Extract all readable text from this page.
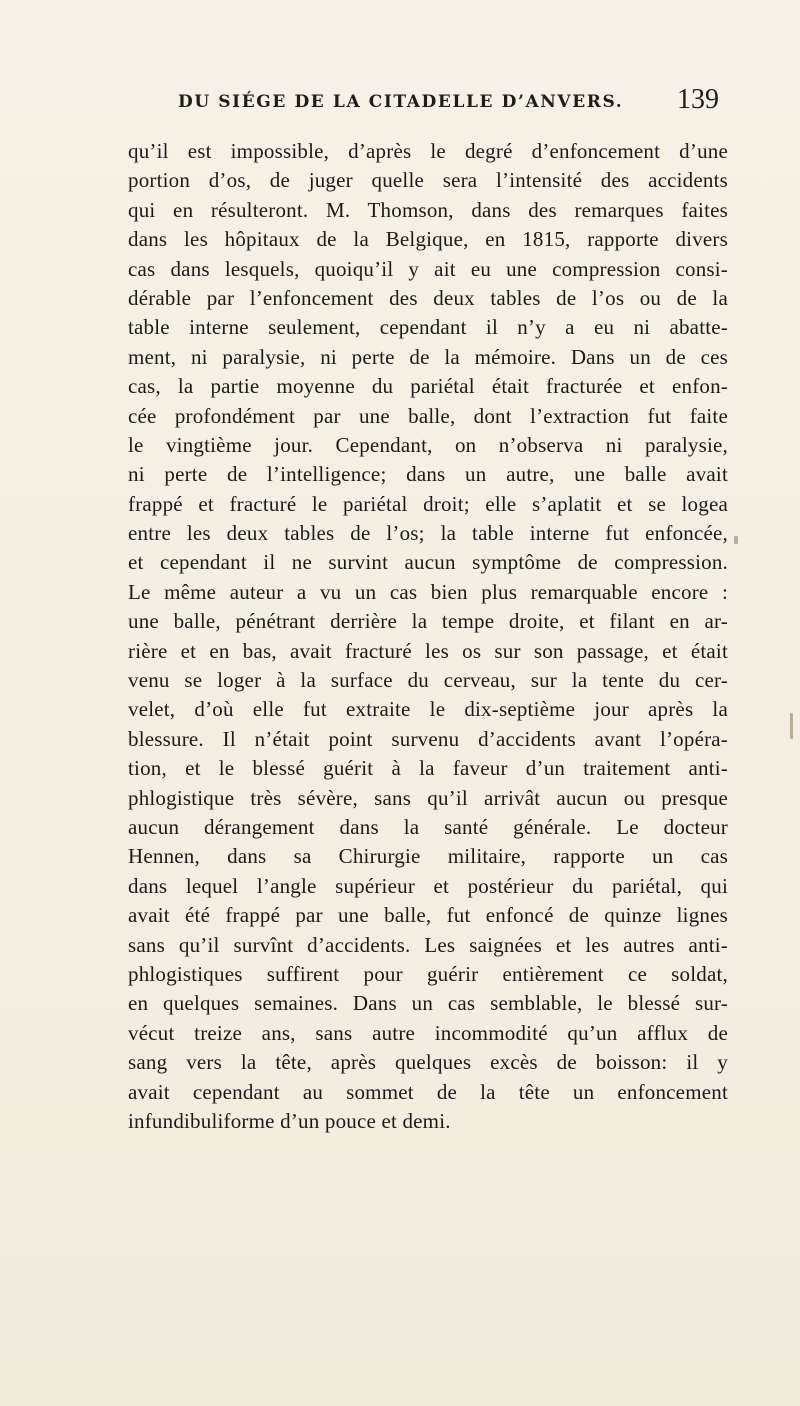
DU SIÉGE DE LA CITADELLE D’ANVERS. 139
qu’il est impossible, d’après le degré d’enfoncement d’une
portion d’os, de juger quelle sera l’intensité des accidents
qui en résulteront. M. Thomson, dans des remarques faites
dans les hôpitaux de la Belgique, en 1815, rapporte divers
cas dans lesquels, quoiqu’il y ait eu une compression consi-
dérable par l’enfoncement des deux tables de l’os ou de la
table interne seulement, cependant il n’y a eu ni abatte-
ment, ni paralysie, ni perte de la mémoire. Dans un de ces
cas, la partie moyenne du pariétal était fracturée et enfon-
cée profondément par une balle, dont l’extraction fut faite
le vingtième jour. Cependant, on n’observa ni paralysie,
ni perte de l’intelligence; dans un autre, une balle avait
frappé et fracturé le pariétal droit; elle s’aplatit et se logea
entre les deux tables de l’os; la table interne fut enfoncée,
et cependant il ne survint aucun symptôme de compression.
Le même auteur a vu un cas bien plus remarquable encore :
une balle, pénétrant derrière la tempe droite, et filant en ar-
rière et en bas, avait fracturé les os sur son passage, et était
venu se loger à la surface du cerveau, sur la tente du cer-
velet, d’où elle fut extraite le dix-septième jour après la
blessure. Il n’était point survenu d’accidents avant l’opéra-
tion, et le blessé guérit à la faveur d’un traitement anti-
phlogistique très sévère, sans qu’il arrivât aucun ou presque
aucun dérangement dans la santé générale. Le docteur
Hennen, dans sa Chirurgie militaire, rapporte un cas
dans lequel l’angle supérieur et postérieur du pariétal, qui
avait été frappé par une balle, fut enfoncé de quinze lignes
sans qu’il survînt d’accidents. Les saignées et les autres anti-
phlogistiques suffirent pour guérir entièrement ce soldat,
en quelques semaines. Dans un cas semblable, le blessé sur-
vécut treize ans, sans autre incommodité qu’un afflux de
sang vers la tête, après quelques excès de boisson: il y
avait cependant au sommet de la tête un enfoncement
infundibuliforme d’un pouce et demi.
